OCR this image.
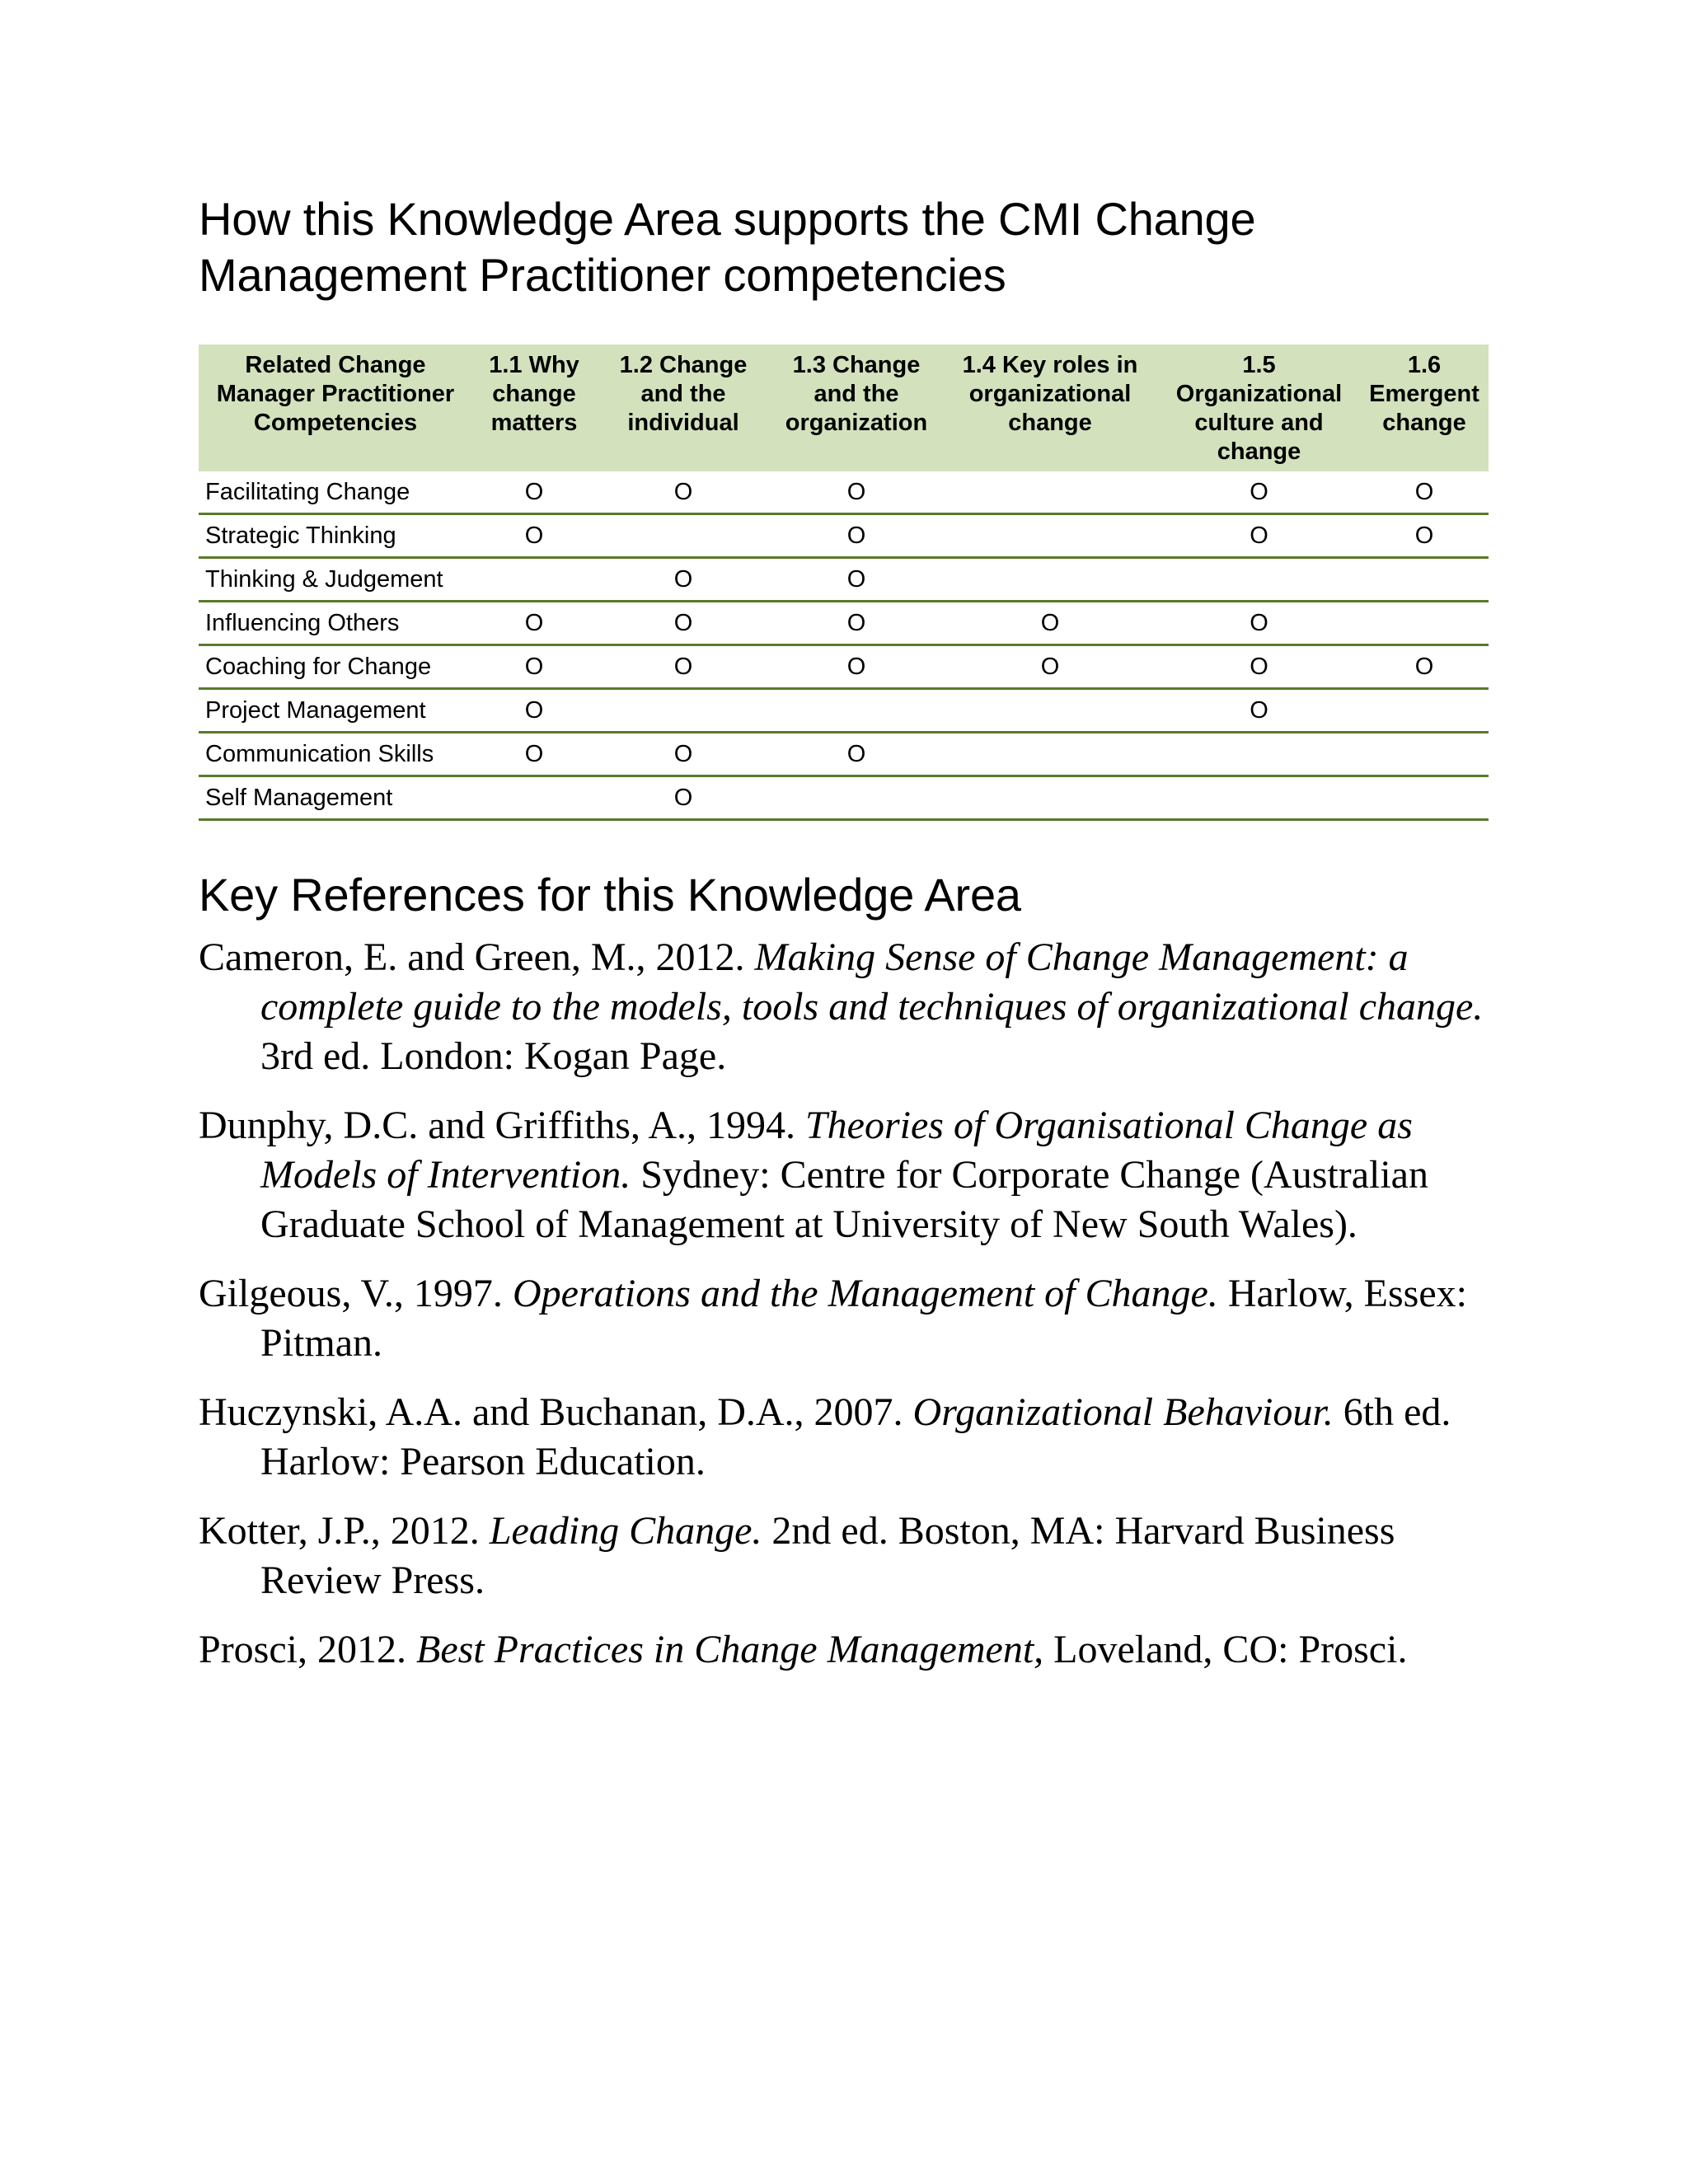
How this Knowledge Area supports the CMI Change Management Practitioner competencies
Related Change Manager Practitioner Competencies	1.1 Why change matters	1.2 Change and the individual	1.3 Change and the organization	1.4 Key roles in organizational change	1.5 Organizational culture and change	1.6 Emergent change
Facilitating Change	O	O	O		O	O
Strategic Thinking	O		O		O	O
Thinking & Judgement		O	O			
Influencing Others	O	O	O	O	O	
Coaching for Change	O	O	O	O	O	O
Project Management	O				O	
Communication Skills	O	O	O			
Self Management		O				
Key References for this Knowledge Area

Cameron, E. and Green, M., 2012. Making Sense of Change Management: a complete guide to the models, tools and techniques of organizational change. 3rd ed. London: Kogan Page.

Dunphy, D.C. and Griffiths, A., 1994. Theories of Organisational Change as Models of Intervention. Sydney: Centre for Corporate Change (Australian Graduate School of Management at University of New South Wales).

Gilgeous, V., 1997. Operations and the Management of Change. Harlow, Essex: Pitman.

Huczynski, A.A. and Buchanan, D.A., 2007. Organizational Behaviour. 6th ed. Harlow: Pearson Education.

Kotter, J.P., 2012. Leading Change. 2nd ed. Boston, MA: Harvard Business Review Press.

Prosci, 2012. Best Practices in Change Management, Loveland, CO: Prosci.
